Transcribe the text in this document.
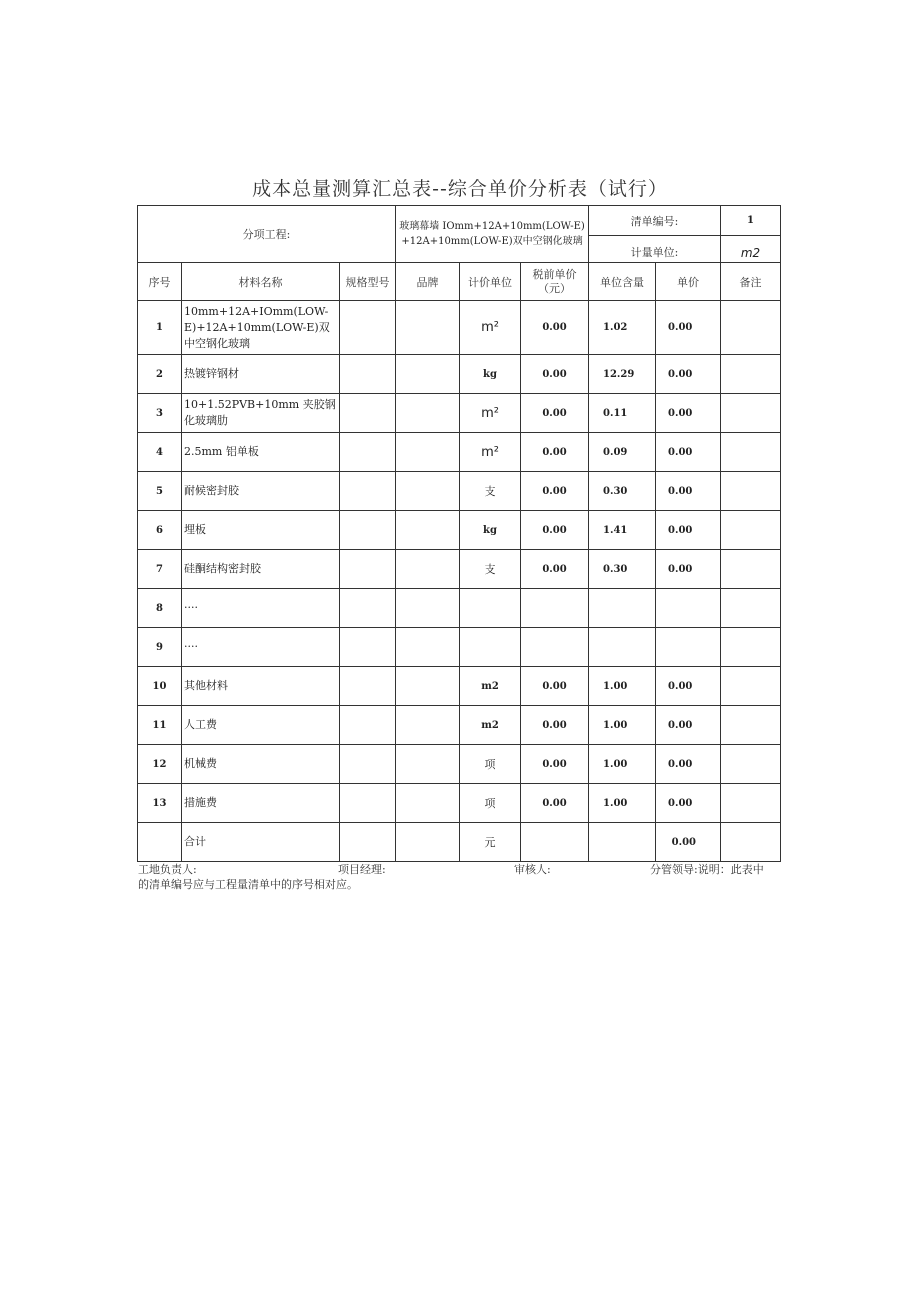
成本总量测算汇总表--综合单价分析表（试行）
分项工程:			玻璃幕墙 IOmm+12A+10mm(LOW-E)
+12A+10mm(LOW-E)双中空钢化玻璃			清单编号:		1
						计量单位:		m2
序号	材料名称	规格型号	品牌	计价单位	税前单价（元）	单位含量	单价	备注
1	10mm+12A+IOmm(LOW-E)+12A+10mm(LOW-E)双中空钢化玻璃			m²	0.00	1.02	0.00	
2	热镀锌钢材			kg	0.00	12.29	0.00	
3	10+1.52PVB+10mm 夹胶钢化玻璃肋			m²	0.00	0.11	0.00	
4	2.5mm 铝单板			m²	0.00	0.09	0.00	
5	耐候密封胶			支	0.00	0.30	0.00	
6	埋板			kg	0.00	1.41	0.00	
7	硅酮结构密封胶			支	0.00	0.30	0.00	
8	····							
9	····							
10	其他材料			m2	0.00	1.00	0.00	
11	人工费			m2	0.00	1.00	0.00	
12	机械费			项	0.00	1.00	0.00	
13	措施费			项	0.00	1.00	0.00	
	合计			元			0.00	
工地负责人:	项目经理:	审核人:	分管领导:说明：此表中
的清单编号应与工程量清单中的序号相对应。
